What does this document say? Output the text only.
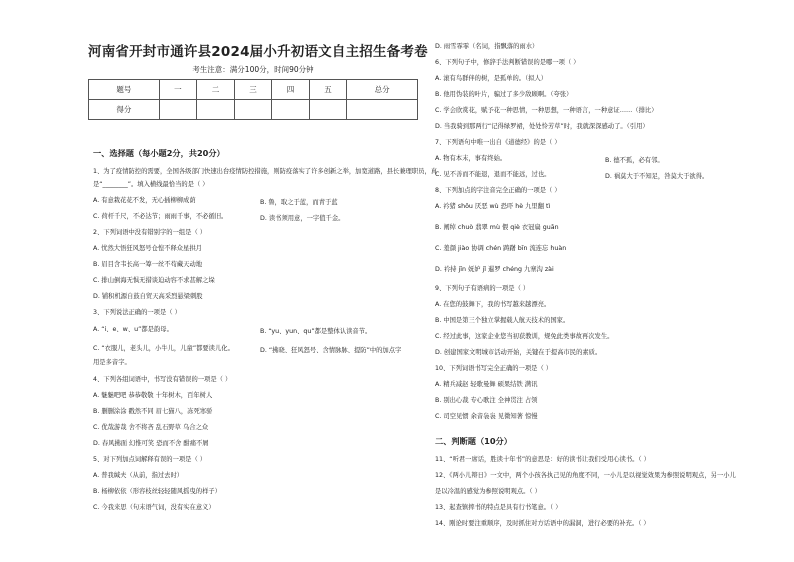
河南省开封市通许县2024届小升初语文自主招生备考卷
考生注意：满分100分，时间90分钟
题号	一	二	三	四	五	总分
得分						
一、选择题（每小题2分，共20分）
1、为了疫情防控的需要，全国各级部门快速出台疫情防控措施，则防疫落实了许多创新之举，加宽道路，县长兼理职员，真
是“________”。填入横线最恰当的是（ ）
A. 有意栽花花不发，无心插柳柳成荫	B. 鲁，取之于蓝，而青于蓝
C. 荷杆千尺，不必达节；雨雨千事，不必循旧。	D. 读书须用意，一字值千金。
2、下列词语中没有错别字的一组是（ ）
A. 忧然大悟狂风怒号仓惶不释众星拱月
B. 眉目含韦长高一筹一丝不苟藏天动地
C. 排山倒海无惧无措谈迫动容不求甚解之垛
D. 铺积机源自鼓自贸天高采烈悬梁刺股
3、下列说法正确的一项是（ ）
A. “i、e、w、u”都是韵母。	B. “yu、yun、qu”都是整体认读音节。
C. “衣服儿，老头儿，小牛儿，儿童”都要读儿化。	D. “拂晓、狂风怒号、含情脉脉、提防”中的加点字
用是多音字。
4、下列各组词语中，书写没有错误的一项是（ ）
A. 魅魅吧吧 恭恭敬敬 十年树木，百年树人
B. 删删涂涂 戳然不同 眉七猫八，冻死寒骄
C. 优哉游哉 舍不将吝 乱石野草 乌合之众
D. 春风拂面 幻惟可笑 恐而不舍 酣痛不屑
5、对下列加点词解释有误的一项是（ ）
A. 普我缄夫（从前，指过去时）
B. 杨柳依依（形容枝丝轻轻随风摇曳的样子）
C. 今我来思（句末语气词，没有实在意义）
D. 雨雪霏霏（名词，指飘落的雨水）
6、下列句子中，修辞手法判断错误的是哪一项（ ）
A. 滚有鸟群伴的树，是孤单的。（拟人）
B. 他用伪装的叶片，骗过了多少敌顾啊。（夸张）
C. 学会欣赏花，赋予花一种思情，一种思想，一种语言，一种意证……（排比）
D. 当我骑到那两行“记得绿罗裙，处处怜芳草”时，我就深深感动了。（引用）
7、下列语句中唯一出自《道德经》的是（ ）
A. 物有本末，事有终始。	B. 德不孤，必有邻。
C. 见不善而不能退，退而不能远，过也。	D. 祸莫大于不知足，咎莫大于欲得。
8、下列加点的字注音完全正确的一项是（ ）
A. 衿猪 shōu 厌恶 wù 恐吓 hè 九里翻 tì
B. 阐绰 chuò 翡翠 mù 偎 qiè 衣冠扁 guān
C. 羞颜 jiào 协调 chén 踌躇 bīn 流连忘 huàn
D. 衿持 jīn 妩妒 jǐ 暹罗 chéng 九寨沟 zài
9、下列句子有语病的一项是（ ）
A. 在您的鼓舞下，我的书写越来越漂亮。
B. 中国是第三个独立掌握载人航天技术的国家。
C. 经过此事，这家企业您当初获教训，规免此类事故再次发生。
D. 创建国家文明城市活动开始，关键在于提高市民的素质。
10、下列词语书写完全正确的一项是（ ）
A. 精兵减赵 轻歌曼舞 硕果结铁 满讯
B. 别出心裁 专心歌注 全神贯注 占领
C. 司空见惯 余音袅袅 见微知著 惊慢
二、判断题（10分）
11、“听君一席话，胜读十年书”的意思是：好的读书让我们受用心读书。（ ）
12、《两小儿辩日》一文中，两个小孩各执己见的角度不同，一小儿是以视觉效果为参照说明观点，另一小儿
是以冷温的感觉为参照说明观点。（ ）
13、起查镇摔书的特点是具有行书笔意。（ ）
14、刚论时要注重顺序，及时抓住对方话语中的漏洞，进行必要的补充。（ ）
